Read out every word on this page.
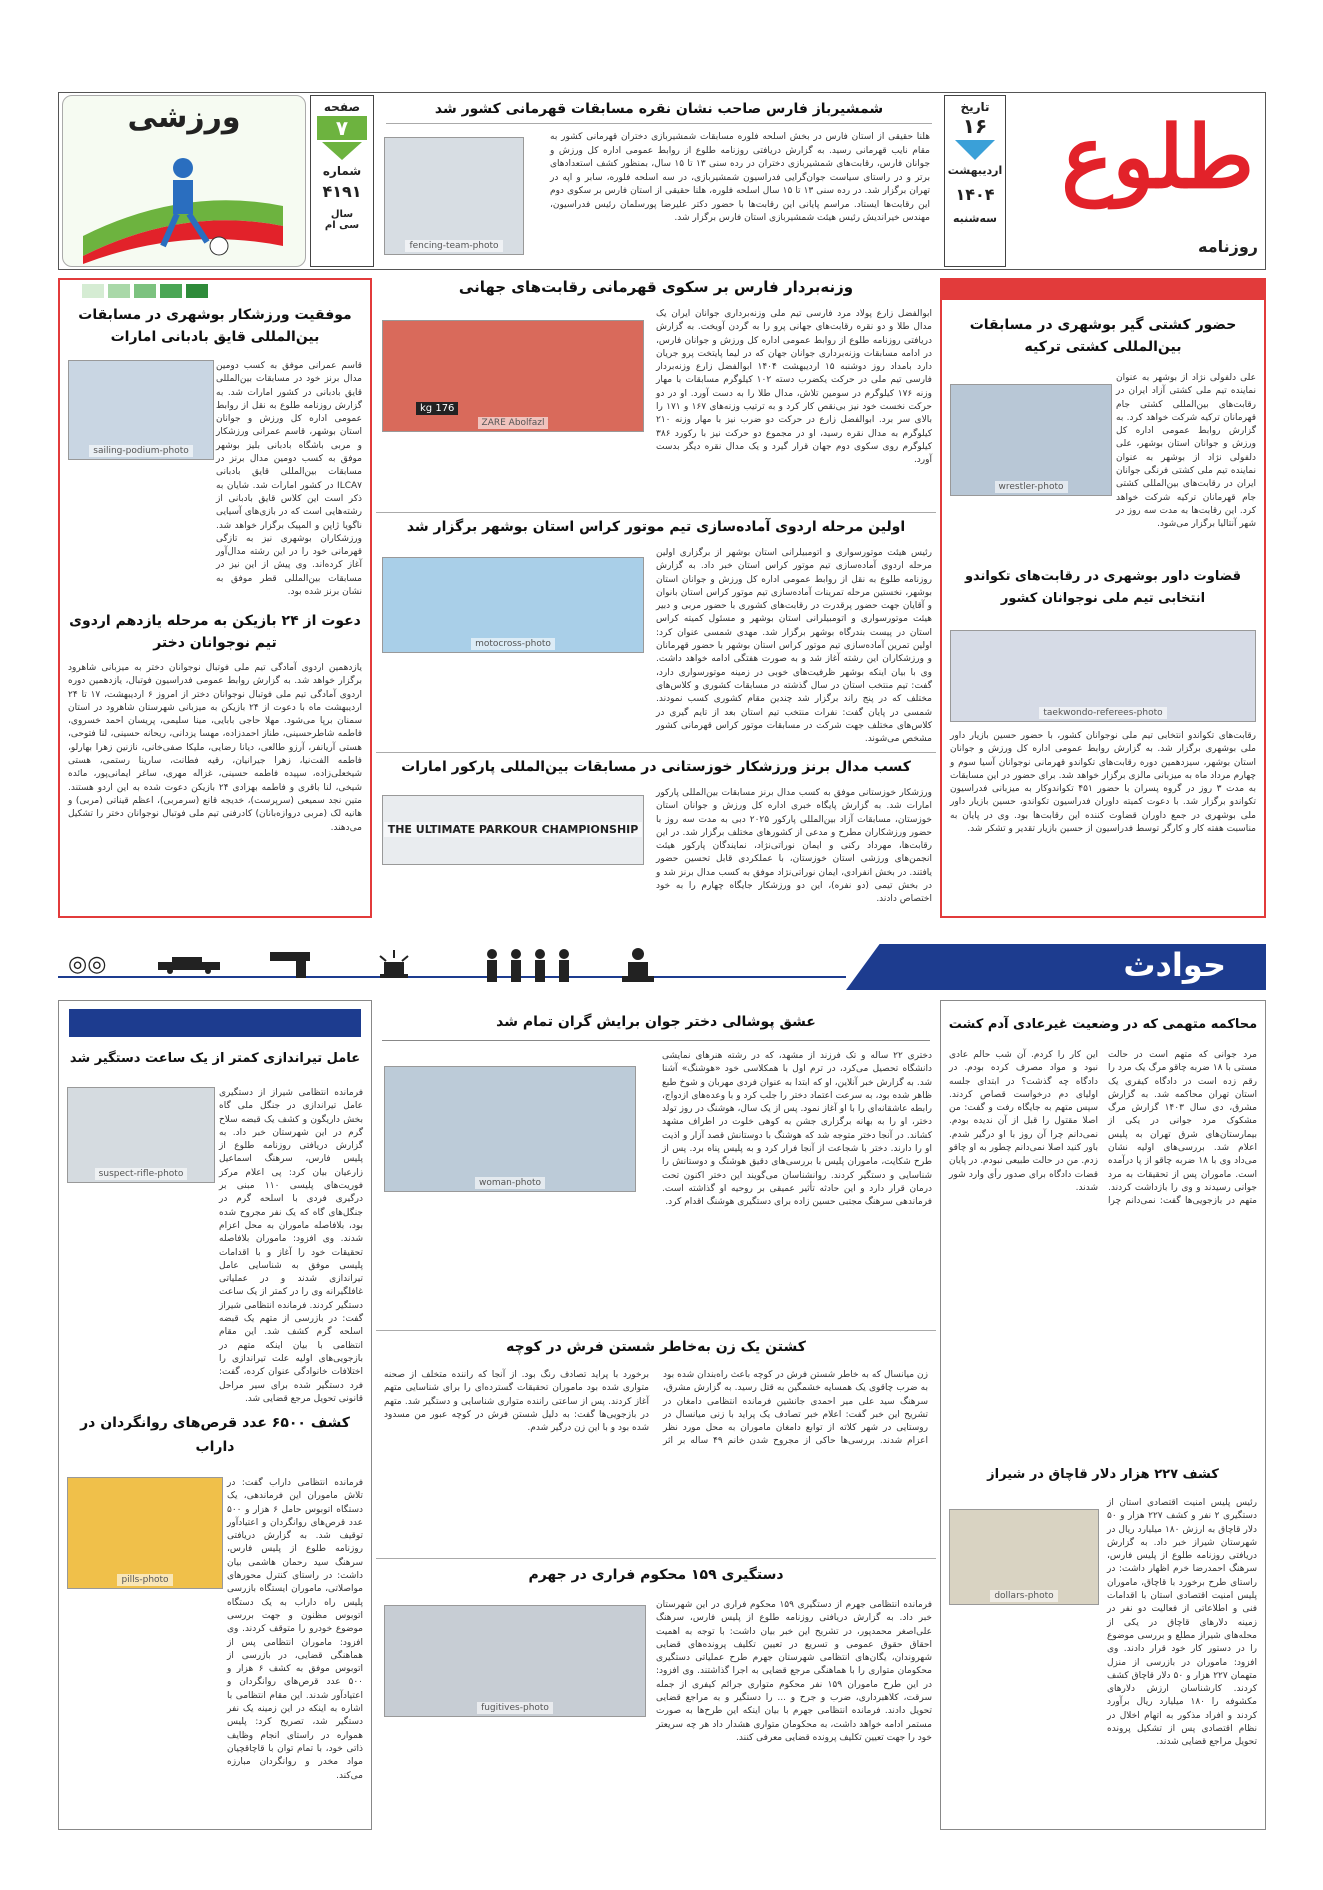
طلوع
روزنامه
تاریخ
۱۶
اردیبهشت
۱۴۰۴
سه‌شنبه
شمشیرباز فارس صاحب نشان نقره مسابقات قهرمانی کشور شد
هلنا حقیقی از استان فارس در بخش اسلحه فلوره مسابقات شمشیربازی دختران قهرمانی کشور به مقام نایب قهرمانی رسید. به گزارش دریافتی روزنامه طلوع از روابط عمومی اداره کل ورزش و جوانان فارس، رقابت‌های شمشیربازی دختران در رده سنی ۱۳ تا ۱۵ سال، بمنظور کشف استعدادهای برتر و در راستای سیاست جوان‌گرایی فدراسیون شمشیربازی، در سه اسلحه فلوره، سابر و اپه در تهران برگزار شد. در رده سنی ۱۳ تا ۱۵ سال اسلحه فلوره، هلنا حقیقی از استان فارس بر سکوی دوم این رقابت‌ها ایستاد. مراسم پایانی این رقابت‌ها با حضور دکتر علیرضا پورسلمان رئیس فدراسیون، مهندس خیراندیش رئیس هیئت شمشیربازی استان فارس برگزار شد.
fencing-team-photo
صفحه
۷
شماره
۴۱۹۱
سال
سی ام
ورزشی
وزنه‌بردار فارس بر سکوی قهرمانی رقابت‌های جهانی
ابوالفضل زارع پولاد مرد فارسی تیم ملی وزنه‌برداری جوانان ایران یک مدال طلا و دو نقره رقابت‌های جهانی پرو را به گردن آویخت. به گزارش دریافتی روزنامه طلوع از روابط عمومی اداره کل ورزش و جوانان فارس، در ادامه مسابقات وزنه‌برداری جوانان جهان که در لیما پایتخت پرو جریان دارد بامداد روز دوشنبه ۱۵ اردیبهشت ۱۴۰۴ ابوالفضل زارع وزنه‌بردار فارسی تیم ملی در حرکت یکضرب دسته ۱۰۲ کیلوگرم مسابقات با مهار وزنه ۱۷۶ کیلوگرم در سومین تلاش، مدال طلا را به دست آورد. او در دو حرکت نخست خود نیز بی‌نقص کار کرد و به ترتیب وزنه‌های ۱۶۷ و ۱۷۱ را بالای سر برد. ابوالفضل زارع در حرکت دو ضرب نیز با مهار وزنه ۲۱۰ کیلوگرم به مدال نقره رسید، او در مجموع دو حرکت نیز با رکورد ۳۸۶ کیلوگرم روی سکوی دوم جهان قرار گیرد و یک مدال نقره دیگر بدست آورد.
ZARE Abolfazl
176 kg
اولین مرحله اردوی آماده‌سازی تیم موتور کراس استان بوشهر برگزار شد
رئیس هیئت موتورسواری و اتومبیلرانی استان بوشهر از برگزاری اولین مرحله اردوی آماده‌سازی تیم موتور کراس استان خبر داد. به گزارش روزنامه طلوع به نقل از روابط عمومی اداره کل ورزش و جوانان استان بوشهر، نخستین مرحله تمرینات آماده‌سازی تیم موتور کراس استان بانوان و آقایان جهت حضور پرقدرت در رقابت‌های کشوری با حضور مربی و دبیر هیئت موتورسواری و اتومبیلرانی استان بوشهر و مسئول کمیته کراس استان در پیست بندرگاه بوشهر برگزار شد. مهدی شمسی عنوان کرد: اولین تمرین آماده‌سازی تیم موتور کراس استان بوشهر با حضور قهرمانان و ورزشکاران این رشته آغاز شد و به صورت هفتگی ادامه خواهد داشت. وی با بیان اینکه بوشهر ظرفیت‌های خوبی در زمینه موتورسواری دارد، گفت: تیم منتخب استان در سال گذشته در مسابقات کشوری و کلاس‌های مختلف که در پنج راند برگزار شد چندین مقام کشوری کسب نمودند. شمسی در پایان گفت: نفرات منتخب تیم استان بعد از تایم گیری در کلاس‌های مختلف جهت شرکت در مسابقات موتور کراس قهرمانی کشور مشخص می‌شوند.
motocross-photo
کسب مدال برنز ورزشکار خوزستانی در مسابقات بین‌المللی پارکور امارات
ورزشکار خوزستانی موفق به کسب مدال برنز مسابقات بین‌المللی پارکور امارات شد. به گزارش پایگاه خبری اداره کل ورزش و جوانان استان خوزستان، مسابقات آزاد بین‌المللی پارکور ۲۰۲۵ دبی به مدت سه روز با حضور ورزشکاران مطرح و مدعی از کشورهای مختلف برگزار شد. در این رقابت‌ها، مهرداد رکنی و ایمان نوراتی‌نژاد، نمایندگان پارکور هیئت انجمن‌های ورزشی استان خوزستان، با عملکردی قابل تحسین حضور یافتند. در بخش انفرادی، ایمان نوراتی‌نژاد موفق به کسب مدال برنز شد و در بخش تیمی (دو نفره)، این دو ورزشکار جایگاه چهارم را به خود اختصاص دادند.
THE ULTIMATE PARKOUR CHAMPIONSHIP
حضور کشتی گیر بوشهری در مسابقات بین‌المللی کشتی ترکیه
علی دلفولی نژاد از بوشهر به عنوان نماینده تیم ملی کشتی آزاد ایران در رقابت‌های بین‌المللی کشتی جام قهرمانان ترکیه شرکت خواهد کرد. به گزارش روابط عمومی اداره کل ورزش و جوانان استان بوشهر، علی دلفولی نژاد از بوشهر به عنوان نماینده تیم ملی کشتی فرنگی جوانان ایران در رقابت‌های بین‌المللی کشتی جام قهرمانان ترکیه شرکت خواهد کرد. این رقابت‌ها به مدت سه روز در شهر آنتالیا برگزار می‌شود.
wrestler-photo
قضاوت داور بوشهری در رقابت‌های تکواندو انتخابی تیم ملی نوجوانان کشور
taekwondo-referees-photo
رقابت‌های تکواندو انتخابی تیم ملی نوجوانان کشور، با حضور حسین بازیار داور ملی بوشهری برگزار شد. به گزارش روابط عمومی اداره کل ورزش و جوانان استان بوشهر، سیزدهمین دوره رقابت‌های تکواندو قهرمانی نوجوانان آسیا سوم و چهارم مرداد ماه به میزبانی مالزی برگزار خواهد شد. برای حضور در این مسابقات به مدت ۳ روز در گروه پسران با حضور ۴۵۱ تکواندوکار به میزبانی فدراسیون تکواندو برگزار شد. با دعوت کمیته داوران فدراسیون تکواندو، حسین بازیار داور ملی بوشهری در جمع داوران قضاوت کننده این رقابت‌ها بود. وی در پایان به مناسبت هفته کار و کارگر توسط فدراسیون از حسین بازیار تقدیر و تشکر شد.
موفقیت ورزشکار بوشهری در مسابقات بین‌المللی قایق بادبانی امارات
sailing-podium-photo
قاسم عمرانی موفق به کسب دومین مدال برنز خود در مسابقات بین‌المللی قایق بادبانی در کشور امارات شد. به گزارش روزنامه طلوع به نقل از روابط عمومی اداره کل ورزش و جوانان استان بوشهر، قاسم عمرانی ورزشکار و مربی باشگاه بادبانی بلیز بوشهر موفق به کسب دومین مدال برنز در مسابقات بین‌المللی قایق بادبانی ILCA۷ در کشور امارات شد. شایان به ذکر است این کلاس قایق بادبانی از رشته‌هایی است که در بازی‌های آسیایی ناگویا ژاپن و المپیک برگزار خواهد شد. ورزشکاران بوشهری نیز به تازگی قهرمانی خود را در این رشته مدال‌آور آغاز کرده‌اند. وی پیش از این نیز در مسابقات بین‌المللی قطر موفق به نشان برنز شده بود.
دعوت از ۲۴ بازیکن به مرحله یازدهم اردوی تیم نوجوانان دختر
یازدهمین اردوی آمادگی تیم ملی فوتبال نوجوانان دختر به میزبانی شاهرود برگزار خواهد شد. به گزارش روابط عمومی فدراسیون فوتبال، یازدهمین دوره اردوی آمادگی تیم ملی فوتبال نوجوانان دختر از امروز ۶ اردیبهشت، ۱۷ تا ۲۴ اردیبهشت ماه با دعوت از ۲۴ بازیکن به میزبانی شهرستان شاهرود در استان سمنان برپا می‌شود. مهلا حاجی بابایی، مینا سلیمی، پریسان احمد خسروی، فاطمه شاطرحسینی، طناز احمدزاده، مهسا یزدانی، ریحانه حسینی، لنا فتوحی، هستی آریانفر، آرزو طالعی، دیانا رضایی، ملیکا صفی‌خانی، نازنین زهرا بهارلو، فاطمه الفت‌نیا، زهرا جیرانیان، رقیه فطانت، سارینا رستمی، هستی شیخعلی‌زاده، سپیده فاطمه حسینی، غزاله مهری، ساغر ایمانی‌پور، مائده شیخی، لنا باقری و فاطمه بهزادی ۲۴ بازیکن دعوت شده به این اردو هستند. متین نجد سمیعی (سرپرست)، خدیجه قانع (سرمربی)، اعظم قیناتی (مربی) و هانیه لک (مربی دروازه‌بانان) کادرفنی تیم ملی فوتبال نوجوانان دختر را تشکیل می‌دهند.
حوادث
◎◎
محاکمه متهمی که در وضعیت غیرعادی آدم کشت
مرد جوانی که متهم است در حالت مستی با ۱۸ ضربه چاقو مرگ یک مرد را رقم زده است در دادگاه کیفری یک استان تهران محاکمه شد. به گزارش مشرق، دی سال ۱۴۰۳ گزارش مرگ مشکوک مرد جوانی در یکی از بیمارستان‌های شرق تهران به پلیس اعلام شد. بررسی‌های اولیه نشان می‌داد وی با ۱۸ ضربه چاقو از پا درآمده است. ماموران پس از تحقیقات به مرد جوانی رسیدند و وی را بازداشت کردند. متهم در بازجویی‌ها گفت: نمی‌دانم چرا این کار را کردم. آن شب حالم عادی نبود و مواد مصرف کرده بودم. در دادگاه چه گذشت؟ در ابتدای جلسه اولیای دم درخواست قصاص کردند. سپس متهم به جایگاه رفت و گفت: من اصلا مقتول را قبل از آن ندیده بودم. نمی‌دانم چرا آن روز با او درگیر شدم. باور کنید اصلا نمی‌دانم چطور به او چاقو زدم. من در حالت طبیعی نبودم. در پایان قضات دادگاه برای صدور رأی وارد شور شدند.
کشف ۲۲۷ هزار دلار قاچاق در شیراز
رئیس پلیس امنیت اقتصادی استان از دستگیری ۲ نفر و کشف ۲۲۷ هزار و ۵۰ دلار قاچاق به ارزش ۱۸۰ میلیارد ریال در شهرستان شیراز خبر داد. به گزارش دریافتی روزنامه طلوع از پلیس فارس، سرهنگ احمدرضا خرم اظهار داشت: در راستای طرح برخورد با قاچاق، ماموران پلیس امنیت اقتصادی استان با اقدامات فنی و اطلاعاتی از فعالیت دو نفر در زمینه دلارهای قاچاق در یکی از محله‌های شیراز مطلع و بررسی موضوع را در دستور کار خود قرار دادند. وی افزود: ماموران در بازرسی از منزل متهمان ۲۲۷ هزار و ۵۰ دلار قاچاق کشف کردند. کارشناسان ارزش دلارهای مکشوفه را ۱۸۰ میلیارد ریال برآورد کردند و افراد مذکور به اتهام اخلال در نظام اقتصادی پس از تشکیل پرونده تحویل مراجع قضایی شدند.
dollars-photo
عشق پوشالی دختر جوان برایش گران تمام شد
دختری ۲۲ ساله و تک فرزند از مشهد، که در رشته هنرهای نمایشی دانشگاه تحصیل می‌کرد، در ترم اول با همکلاسی خود «هوشنگ» آشنا شد. به گزارش خبر آنلاین، او که ابتدا به عنوان فردی مهربان و شوخ طبع ظاهر شده بود، به سرعت اعتماد دختر را جلب کرد و با وعده‌های ازدواج، رابطه عاشقانه‌ای را با او آغاز نمود. پس از یک سال، هوشنگ در روز تولد دختر، او را به بهانه برگزاری جشن به کوهی خلوت در اطراف مشهد کشاند. در آنجا دختر متوجه شد که هوشنگ با دوستانش قصد آزار و اذیت او را دارند. دختر با شجاعت از آنجا فرار کرد و به پلیس پناه برد. پس از طرح شکایت، ماموران پلیس با بررسی‌های دقیق هوشنگ و دوستانش را شناسایی و دستگیر کردند. روانشناسان می‌گویند این دختر اکنون تحت درمان قرار دارد و این حادثه تأثیر عمیقی بر روحیه او گذاشته است. فرماندهی سرهنگ مجتبی حسین زاده برای دستگیری هوشنگ اقدام کرد.
woman-photo
کشتن یک زن به‌خاطر شستن فرش در کوچه
زن میانسال که به خاطر شستن فرش در کوچه باعث راه‌بندان شده بود به ضرب چاقوی یک همسایه خشمگین به قتل رسید. به گزارش مشرق، سرهنگ سید علی میر احمدی جانشین فرمانده انتظامی دامغان در تشریح این خبر گفت: اعلام خبر تصادف یک پراید با زنی میانسال در روستایی در شهر کلاته از توابع دامغان ماموران به محل مورد نظر اعزام شدند. بررسی‌ها حاکی از مجروح شدن خانم ۴۹ ساله بر اثر برخورد با پراید تصادف رنگ بود. از آنجا که راننده متخلف از صحنه متواری شده بود ماموران تحقیقات گسترده‌ای را برای شناسایی متهم آغاز کردند. پس از ساعتی راننده متواری شناسایی و دستگیر شد. متهم در بازجویی‌ها گفت: به دلیل شستن فرش در کوچه عبور من مسدود شده بود و با این زن درگیر شدم.
دستگیری ۱۵۹ محکوم فراری در جهرم
فرمانده انتظامی جهرم از دستگیری ۱۵۹ محکوم فراری در این شهرستان خبر داد. به گزارش دریافتی روزنامه طلوع از پلیس فارس، سرهنگ علی‌اصغر محمدپور، در تشریح این خبر بیان داشت: با توجه به اهمیت احقاق حقوق عمومی و تسریع در تعیین تکلیف پرونده‌های قضایی شهروندان، یگان‌های انتظامی شهرستان جهرم طرح عملیاتی دستگیری محکومان متواری را با هماهنگی مرجع قضایی به اجرا گذاشتند. وی افزود: در این طرح ماموران ۱۵۹ نفر محکوم متواری جرائم کیفری از جمله سرقت، کلاهبرداری، ضرب و جرح و ... را دستگیر و به مراجع قضایی تحویل دادند. فرمانده انتظامی جهرم با بیان اینکه این طرح‌ها به صورت مستمر ادامه خواهد داشت، به محکومان متواری هشدار داد هر چه سریعتر خود را جهت تعیین تکلیف پرونده قضایی معرفی کنند.
fugitives-photo
عامل تیراندازی کمتر از یک ساعت دستگیر شد
suspect-rifle-photo
فرمانده انتظامی شیراز از دستگیری عامل تیراندازی در جنگل ملی گاه بخش داریگون و کشف یک قبضه سلاح گرم در این شهرستان خبر داد. به گزارش دریافتی روزنامه طلوع از پلیس فارس، سرهنگ اسماعیل زارعیان بیان کرد: پی اعلام مرکز فوریت‌های پلیسی ۱۱۰ مبنی بر درگیری فردی با اسلحه گرم در جنگل‌های گاه که یک نفر مجروح شده بود، بلافاصله ماموران به محل اعزام شدند. وی افزود: ماموران بلافاصله تحقیقات خود را آغاز و با اقدامات پلیسی موفق به شناسایی عامل تیراندازی شدند و در عملیاتی غافلگیرانه وی را در کمتر از یک ساعت دستگیر کردند. فرمانده انتظامی شیراز گفت: در بازرسی از متهم یک قبضه اسلحه گرم کشف شد. این مقام انتظامی با بیان اینکه متهم در بازجویی‌های اولیه علت تیراندازی را اختلافات خانوادگی عنوان کرده، گفت: فرد دستگیر شده برای سیر مراحل قانونی تحویل مرجع قضایی شد.
کشف ۶۵۰۰ عدد قرص‌های روانگردان در داراب
pills-photo
فرمانده انتظامی داراب گفت: در تلاش ماموران این فرماندهی، یک دستگاه اتوبوس حامل ۶ هزار و ۵۰۰ عدد قرص‌های روانگردان و اعتیادآور توقیف شد. به گزارش دریافتی روزنامه طلوع از پلیس فارس، سرهنگ سید رحمان هاشمی بیان داشت: در راستای کنترل محورهای مواصلاتی، ماموران ایستگاه بازرسی پلیس راه داراب به یک دستگاه اتوبوس مظنون و جهت بررسی موضوع خودرو را متوقف کردند. وی افزود: ماموران انتظامی پس از هماهنگی قضایی، در بازرسی از اتوبوس موفق به کشف ۶ هزار و ۵۰۰ عدد قرص‌های روانگردان و اعتیادآور شدند. این مقام انتظامی با اشاره به اینکه در این زمینه یک نفر دستگیر شد، تصریح کرد: پلیس همواره در راستای انجام وظایف ذاتی خود، با تمام توان با قاچاقچیان مواد مخدر و روانگردان مبارزه می‌کند.
